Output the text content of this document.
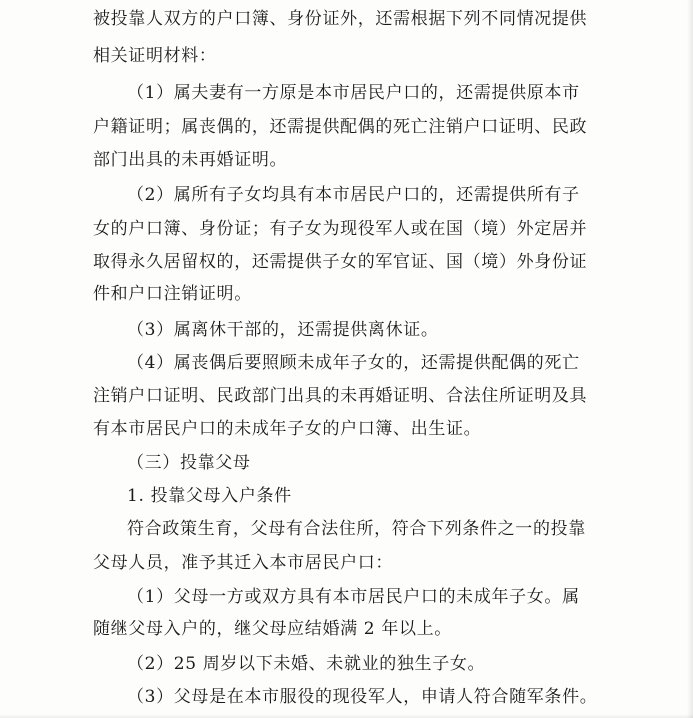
被投靠人双方的户口簿、身份证外，还需根据下列不同情况提供
相关证明材料：
（1）属夫妻有一方原是本市居民户口的，还需提供原本市
户籍证明；属丧偶的，还需提供配偶的死亡注销户口证明、民政
部门出具的未再婚证明。
（2）属所有子女均具有本市居民户口的，还需提供所有子
女的户口簿、身份证；有子女为现役军人或在国（境）外定居并
取得永久居留权的，还需提供子女的军官证、国（境）外身份证
件和户口注销证明。
（3）属离休干部的，还需提供离休证。
（4）属丧偶后要照顾未成年子女的，还需提供配偶的死亡
注销户口证明、民政部门出具的未再婚证明、合法住所证明及具
有本市居民户口的未成年子女的户口簿、出生证。
（三）投靠父母
1. 投靠父母入户条件
符合政策生育，父母有合法住所，符合下列条件之一的投靠
父母人员，准予其迁入本市居民户口：
（1）父母一方或双方具有本市居民户口的未成年子女。属
随继父母入户的，继父母应结婚满 2 年以上。
（2）25 周岁以下未婚、未就业的独生子女。
（3）父母是在本市服役的现役军人，申请人符合随军条件。
